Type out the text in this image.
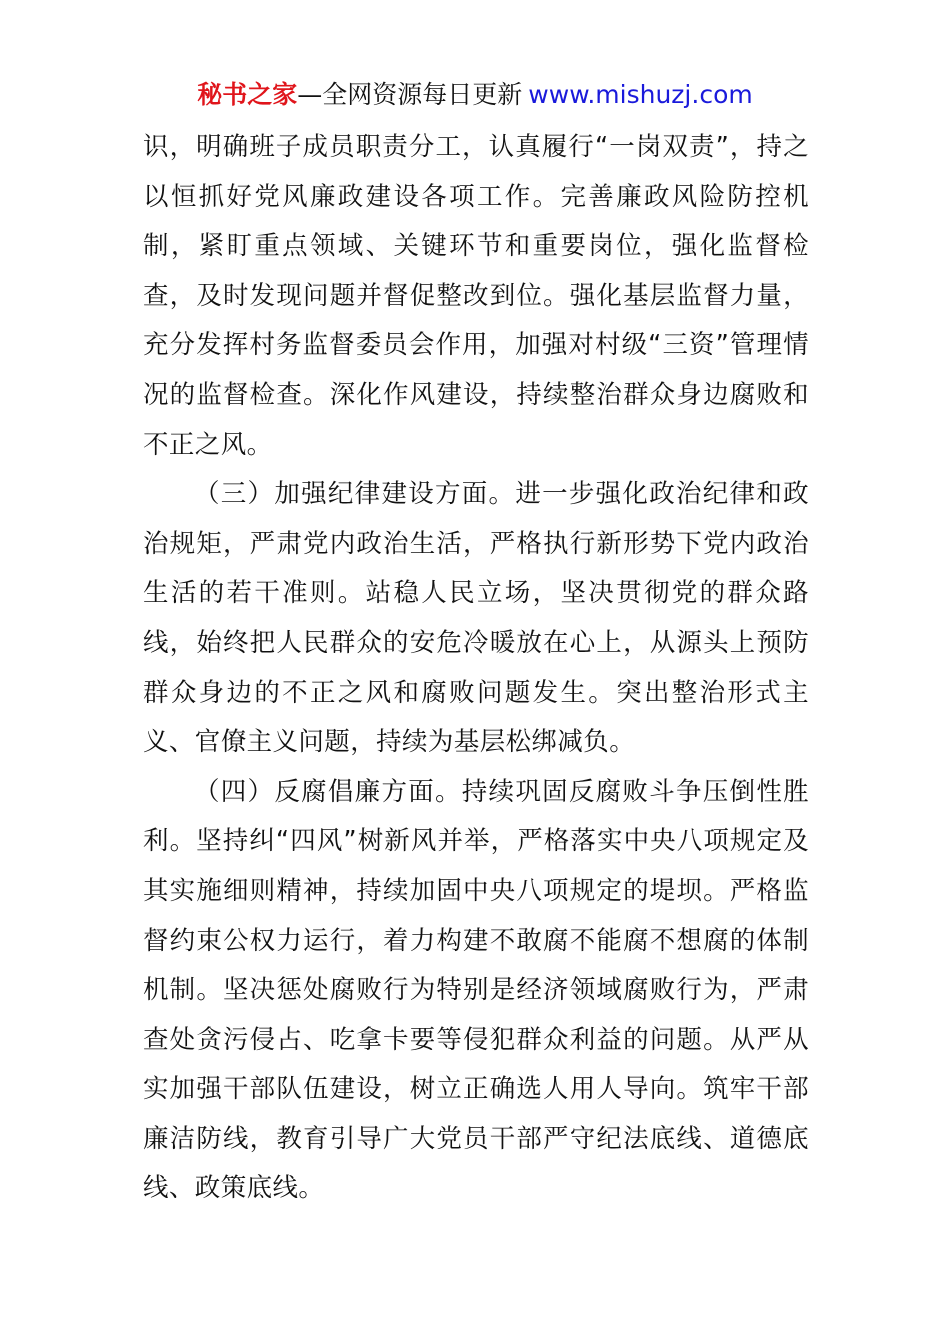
秘书之家—全网资源每日更新 www.mishuzj.com

识，明确班子成员职责分工，认真履行“一岗双责”，持之以恒抓好党风廉政建设各项工作。完善廉政风险防控机制，紧盯重点领域、关键环节和重要岗位，强化监督检查，及时发现问题并督促整改到位。强化基层监督力量，充分发挥村务监督委员会作用，加强对村级“三资”管理情况的监督检查。深化作风建设，持续整治群众身边腐败和不正之风。

（三）加强纪律建设方面。进一步强化政治纪律和政治规矩，严肃党内政治生活，严格执行新形势下党内政治生活的若干准则。站稳人民立场，坚决贯彻党的群众路线，始终把人民群众的安危冷暖放在心上，从源头上预防群众身边的不正之风和腐败问题发生。突出整治形式主义、官僚主义问题，持续为基层松绑减负。

（四）反腐倡廉方面。持续巩固反腐败斗争压倒性胜利。坚持纠“四风”树新风并举，严格落实中央八项规定及其实施细则精神，持续加固中央八项规定的堤坝。严格监督约束公权力运行，着力构建不敢腐不能腐不想腐的体制机制。坚决惩处腐败行为特别是经济领域腐败行为，严肃查处贪污侵占、吃拿卡要等侵犯群众利益的问题。从严从实加强干部队伍建设，树立正确选人用人导向。筑牢干部廉洁防线，教育引导广大党员干部严守纪法底线、道德底线、政策底线。
